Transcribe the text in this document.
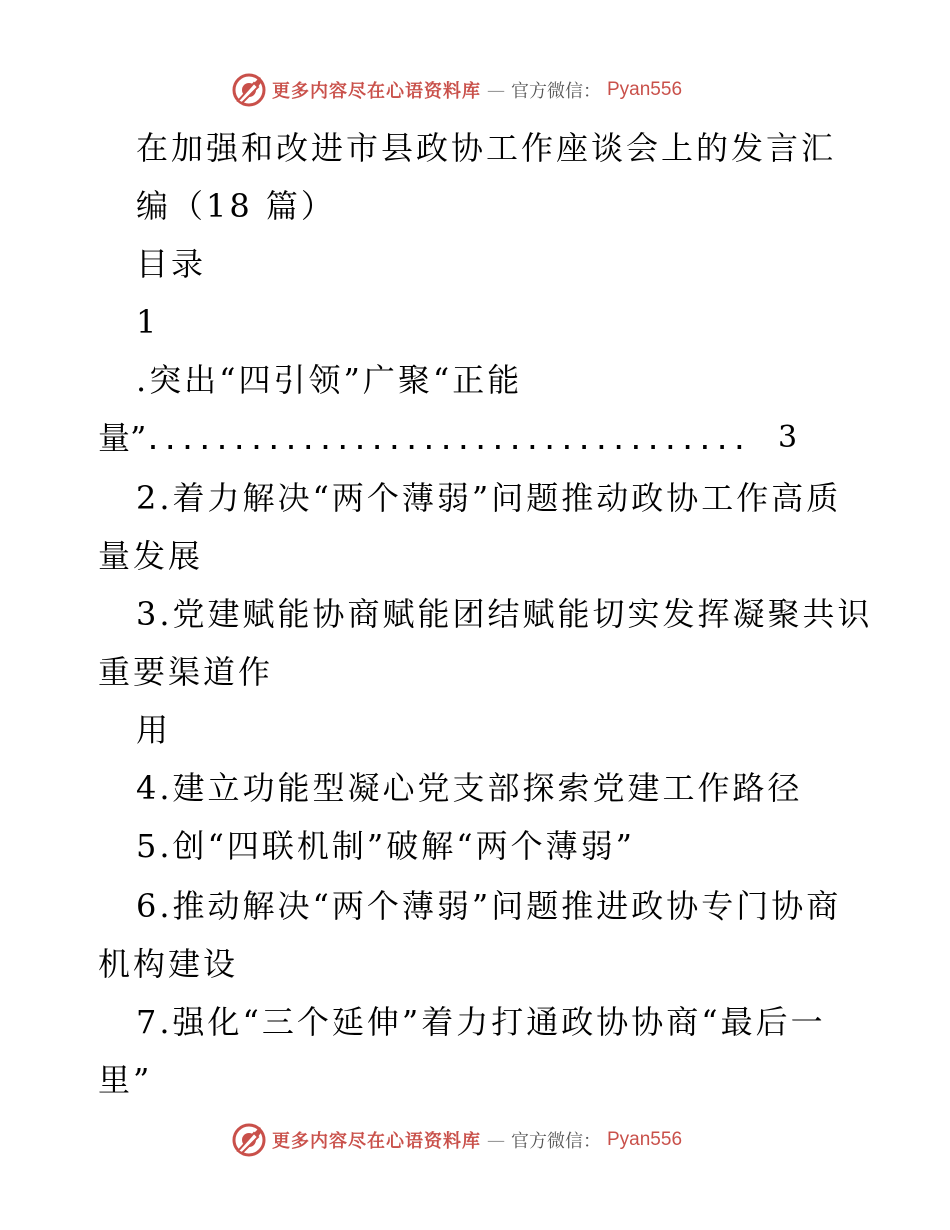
更多内容尽在心语资料库 — 官方微信： Pyan556
在加强和改进市县政协工作座谈会上的发言汇
编（18 篇）
目录
1
.突出“四引领”广聚“正能
量”................................... 3
2.着力解决“两个薄弱”问题推动政协工作高质
量发展
3.党建赋能协商赋能团结赋能切实发挥凝聚共识
重要渠道作
用
4.建立功能型凝心党支部探索党建工作路径
5.创“四联机制”破解“两个薄弱”
6.推动解决“两个薄弱”问题推进政协专门协商
机构建设
7.强化“三个延伸”着力打通政协协商“最后一
里”
更多内容尽在心语资料库 — 官方微信： Pyan556
